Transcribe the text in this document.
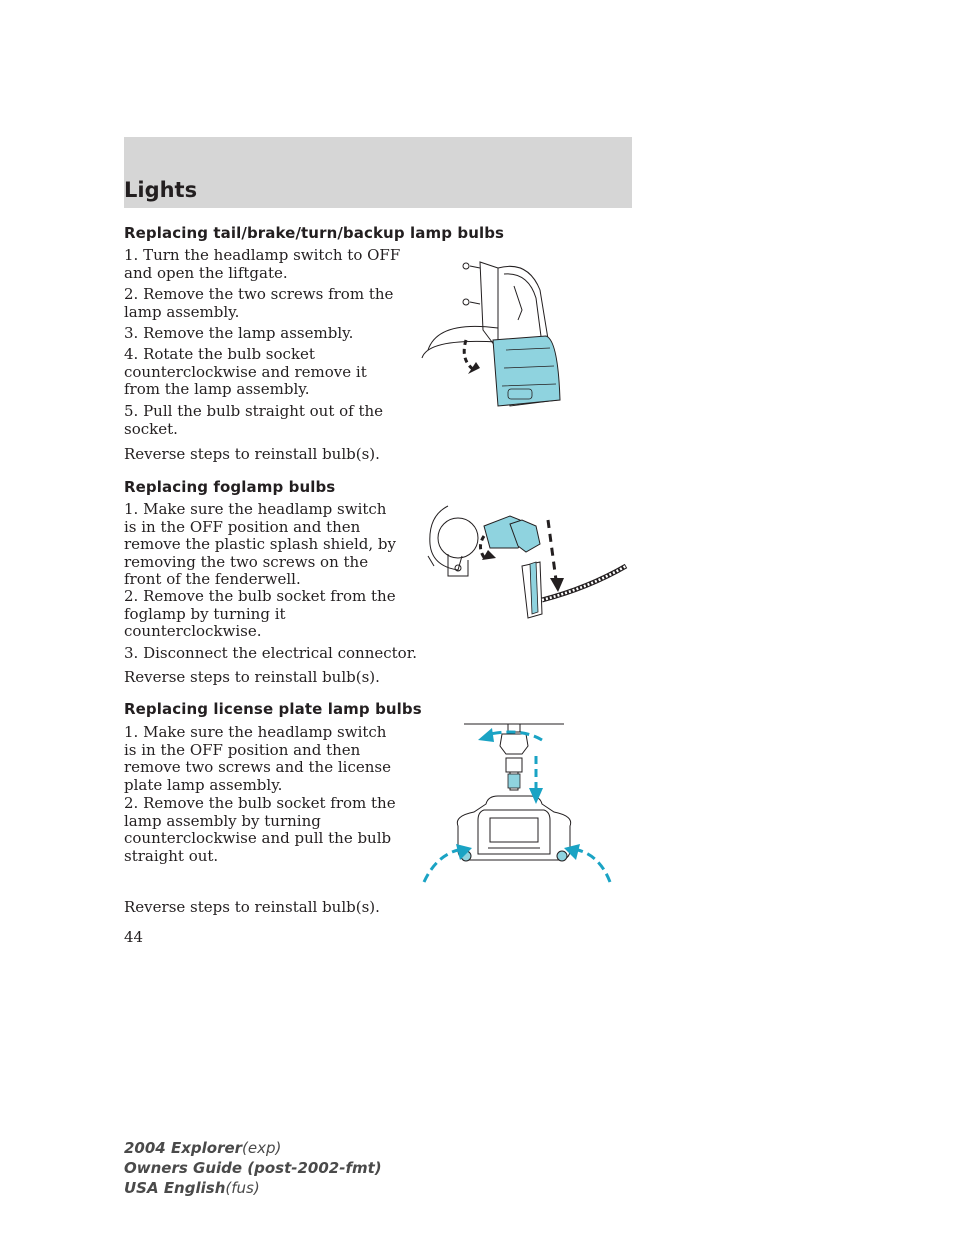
Lights
Replacing tail/brake/turn/backup lamp bulbs
1. Turn the headlamp switch to OFF and open the liftgate.
2. Remove the two screws from the lamp assembly.
3. Remove the lamp assembly.
4. Rotate the bulb socket counterclockwise and remove it from the lamp assembly.
5. Pull the bulb straight out of the socket.
Reverse steps to reinstall bulb(s).
Replacing foglamp bulbs
1. Make sure the headlamp switch is in the OFF position and then remove the plastic splash shield, by removing the two screws on the front of the fenderwell.
2. Remove the bulb socket from the foglamp by turning it counterclockwise.
3. Disconnect the electrical connector.
Reverse steps to reinstall bulb(s).
Replacing license plate lamp bulbs
1. Make sure the headlamp switch is in the OFF position and then remove two screws and the license plate lamp assembly.
2. Remove the bulb socket from the lamp assembly by turning counterclockwise and pull the bulb straight out.
Reverse steps to reinstall bulb(s).
44
2004 Explorer(exp)
Owners Guide (post-2002-fmt)
USA English(fus)
